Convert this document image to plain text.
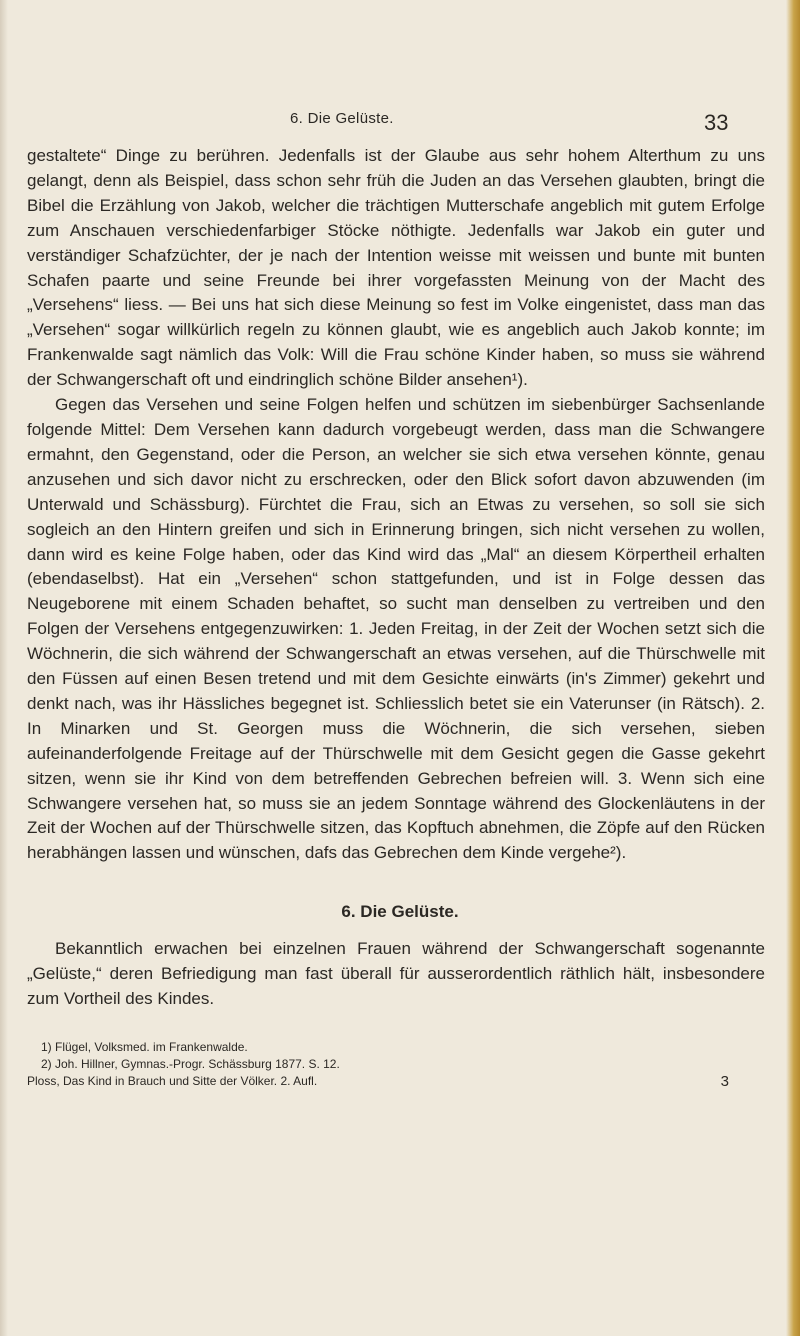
6. Die Gelüste.	33

gestaltete“ Dinge zu berühren. Jedenfalls ist der Glaube aus sehr hohem Alterthum zu uns gelangt, denn als Beispiel, dass schon sehr früh die Juden an das Versehen glaubten, bringt die Bibel die Erzählung von Jakob, welcher die trächtigen Mutterschafe angeblich mit gutem Erfolge zum Anschauen verschiedenfarbiger Stöcke nöthigte. Jedenfalls war Jakob ein guter und verständiger Schafzüchter, der je nach der Intention weisse mit weissen und bunte mit bunten Schafen paarte und seine Freunde bei ihrer vorgefassten Meinung von der Macht des „Versehens“ liess. — Bei uns hat sich diese Meinung so fest im Volke eingenistet, dass man das „Versehen“ sogar willkürlich regeln zu können glaubt, wie es angeblich auch Jakob konnte; im Frankenwalde sagt nämlich das Volk: Will die Frau schöne Kinder haben, so muss sie während der Schwangerschaft oft und eindringlich schöne Bilder ansehen¹).

Gegen das Versehen und seine Folgen helfen und schützen im siebenbürger Sachsenlande folgende Mittel: Dem Versehen kann dadurch vorgebeugt werden, dass man die Schwangere ermahnt, den Gegenstand, oder die Person, an welcher sie sich etwa versehen könnte, genau anzusehen und sich davor nicht zu erschrecken, oder den Blick sofort davon abzuwenden (im Unterwald und Schässburg). Fürchtet die Frau, sich an Etwas zu versehen, so soll sie sich sogleich an den Hintern greifen und sich in Erinnerung bringen, sich nicht versehen zu wollen, dann wird es keine Folge haben, oder das Kind wird das „Mal“ an diesem Körpertheil erhalten (ebendaselbst). Hat ein „Versehen“ schon stattgefunden, und ist in Folge dessen das Neugeborene mit einem Schaden behaftet, so sucht man denselben zu vertreiben und den Folgen der Versehens entgegenzuwirken: 1. Jeden Freitag, in der Zeit der Wochen setzt sich die Wöchnerin, die sich während der Schwangerschaft an etwas versehen, auf die Thürschwelle mit den Füssen auf einen Besen tretend und mit dem Gesichte einwärts (in's Zimmer) gekehrt und denkt nach, was ihr Hässliches begegnet ist. Schliesslich betet sie ein Vaterunser (in Rätsch). 2. In Minarken und St. Georgen muss die Wöchnerin, die sich versehen, sieben aufeinanderfolgende Freitage auf der Thürschwelle mit dem Gesicht gegen die Gasse gekehrt sitzen, wenn sie ihr Kind von dem betreffenden Gebrechen befreien will. 3. Wenn sich eine Schwangere versehen hat, so muss sie an jedem Sonntage während des Glockenläutens in der Zeit der Wochen auf der Thürschwelle sitzen, das Kopftuch abnehmen, die Zöpfe auf den Rücken herabhängen lassen und wünschen, dafs das Gebrechen dem Kinde vergehe²).

6. Die Gelüste.
Bekanntlich erwachen bei einzelnen Frauen während der Schwangerschaft sogenannte „Gelüste,“ deren Befriedigung man fast überall für ausserordentlich räthlich hält, insbesondere zum Vortheil des Kindes.
1) Flügel, Volksmed. im Frankenwalde.
2) Joh. Hillner, Gymnas.-Progr. Schässburg 1877. S. 12.
Ploss, Das Kind in Brauch und Sitte der Völker. 2. Aufl.	3
